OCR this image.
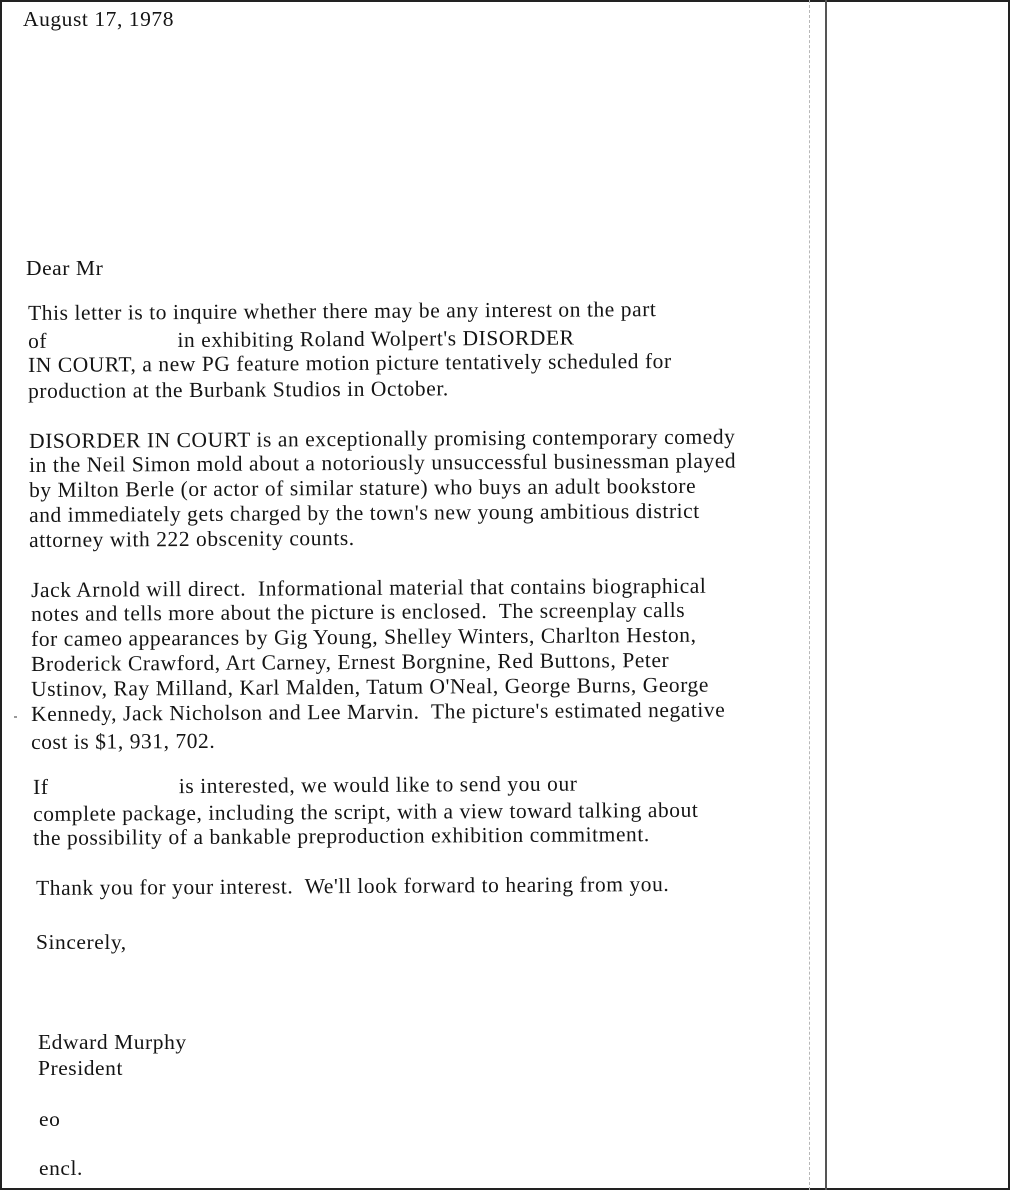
August 17, 1978
Dear Mr
This letter is to inquire whether there may be any interest on the part
of                      in exhibiting Roland Wolpert's DISORDER
IN COURT, a new PG feature motion picture tentatively scheduled for
production at the Burbank Studios in October.
DISORDER IN COURT is an exceptionally promising contemporary comedy
in the Neil Simon mold about a notoriously unsuccessful businessman played
by Milton Berle (or actor of similar stature) who buys an adult bookstore
and immediately gets charged by the town's new young ambitious district
attorney with 222 obscenity counts.
Jack Arnold will direct.  Informational material that contains biographical
notes and tells more about the picture is enclosed.  The screenplay calls
for cameo appearances by Gig Young, Shelley Winters, Charlton Heston,
Broderick Crawford, Art Carney, Ernest Borgnine, Red Buttons, Peter
Ustinov, Ray Milland, Karl Malden, Tatum O'Neal, George Burns, George
Kennedy, Jack Nicholson and Lee Marvin.  The picture's estimated negative
cost is $1, 931, 702.
If                      is interested, we would like to send you our
complete package, including the script, with a view toward talking about
the possibility of a bankable preproduction exhibition commitment.
Thank you for your interest.  We'll look forward to hearing from you.
Sincerely,
Edward Murphy
President
eo
encl.
